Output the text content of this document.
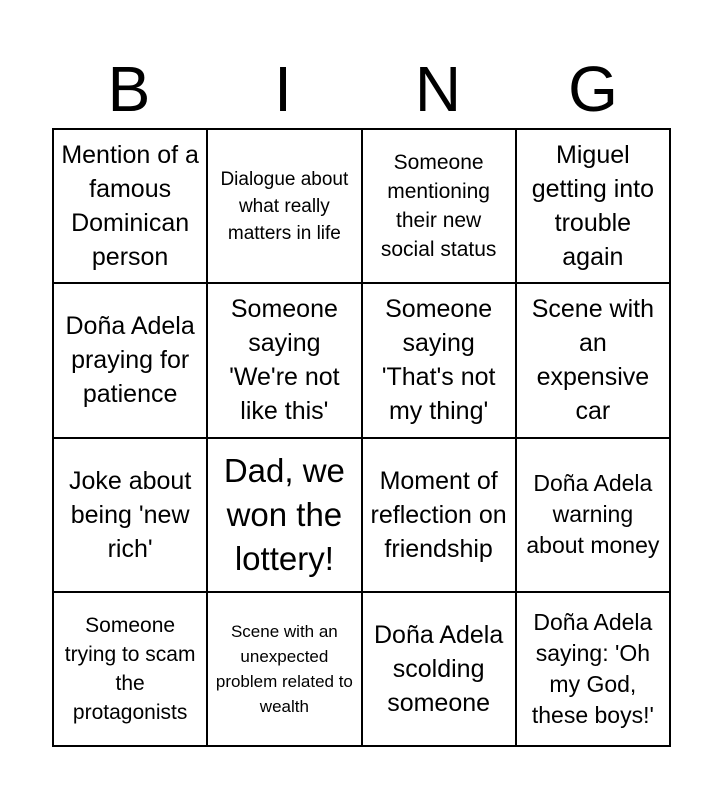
B	I	N	G
Mention of a famous Dominican person
Dialogue about what really matters in life
Someone mentioning their new social status
Miguel getting into trouble again
Doña Adela praying for patience
Someone saying 'We're not like this'
Someone saying 'That's not my thing'
Scene with an expensive car
Joke about being 'new rich'
Dad, we won the lottery!
Moment of reflection on friendship
Doña Adela warning about money
Someone trying to scam the protagonists
Scene with an unexpected problem related to wealth
Doña Adela scolding someone
Doña Adela saying: 'Oh my God, these boys!'
